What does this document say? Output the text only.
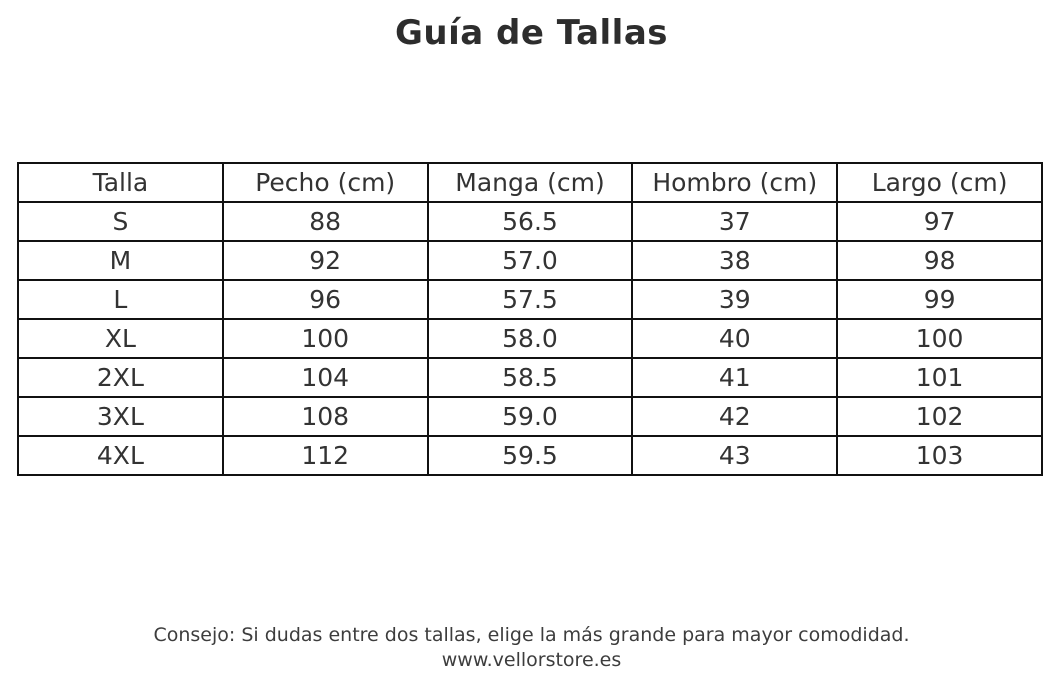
Guía de Tallas
Talla	Pecho (cm)	Manga (cm)	Hombro (cm)	Largo (cm)
S	88	56.5	37	97
M	92	57.0	38	98
L	96	57.5	39	99
XL	100	58.0	40	100
2XL	104	58.5	41	101
3XL	108	59.0	42	102
4XL	112	59.5	43	103
Consejo: Si dudas entre dos tallas, elige la más grande para mayor comodidad.
www.vellorstore.es
